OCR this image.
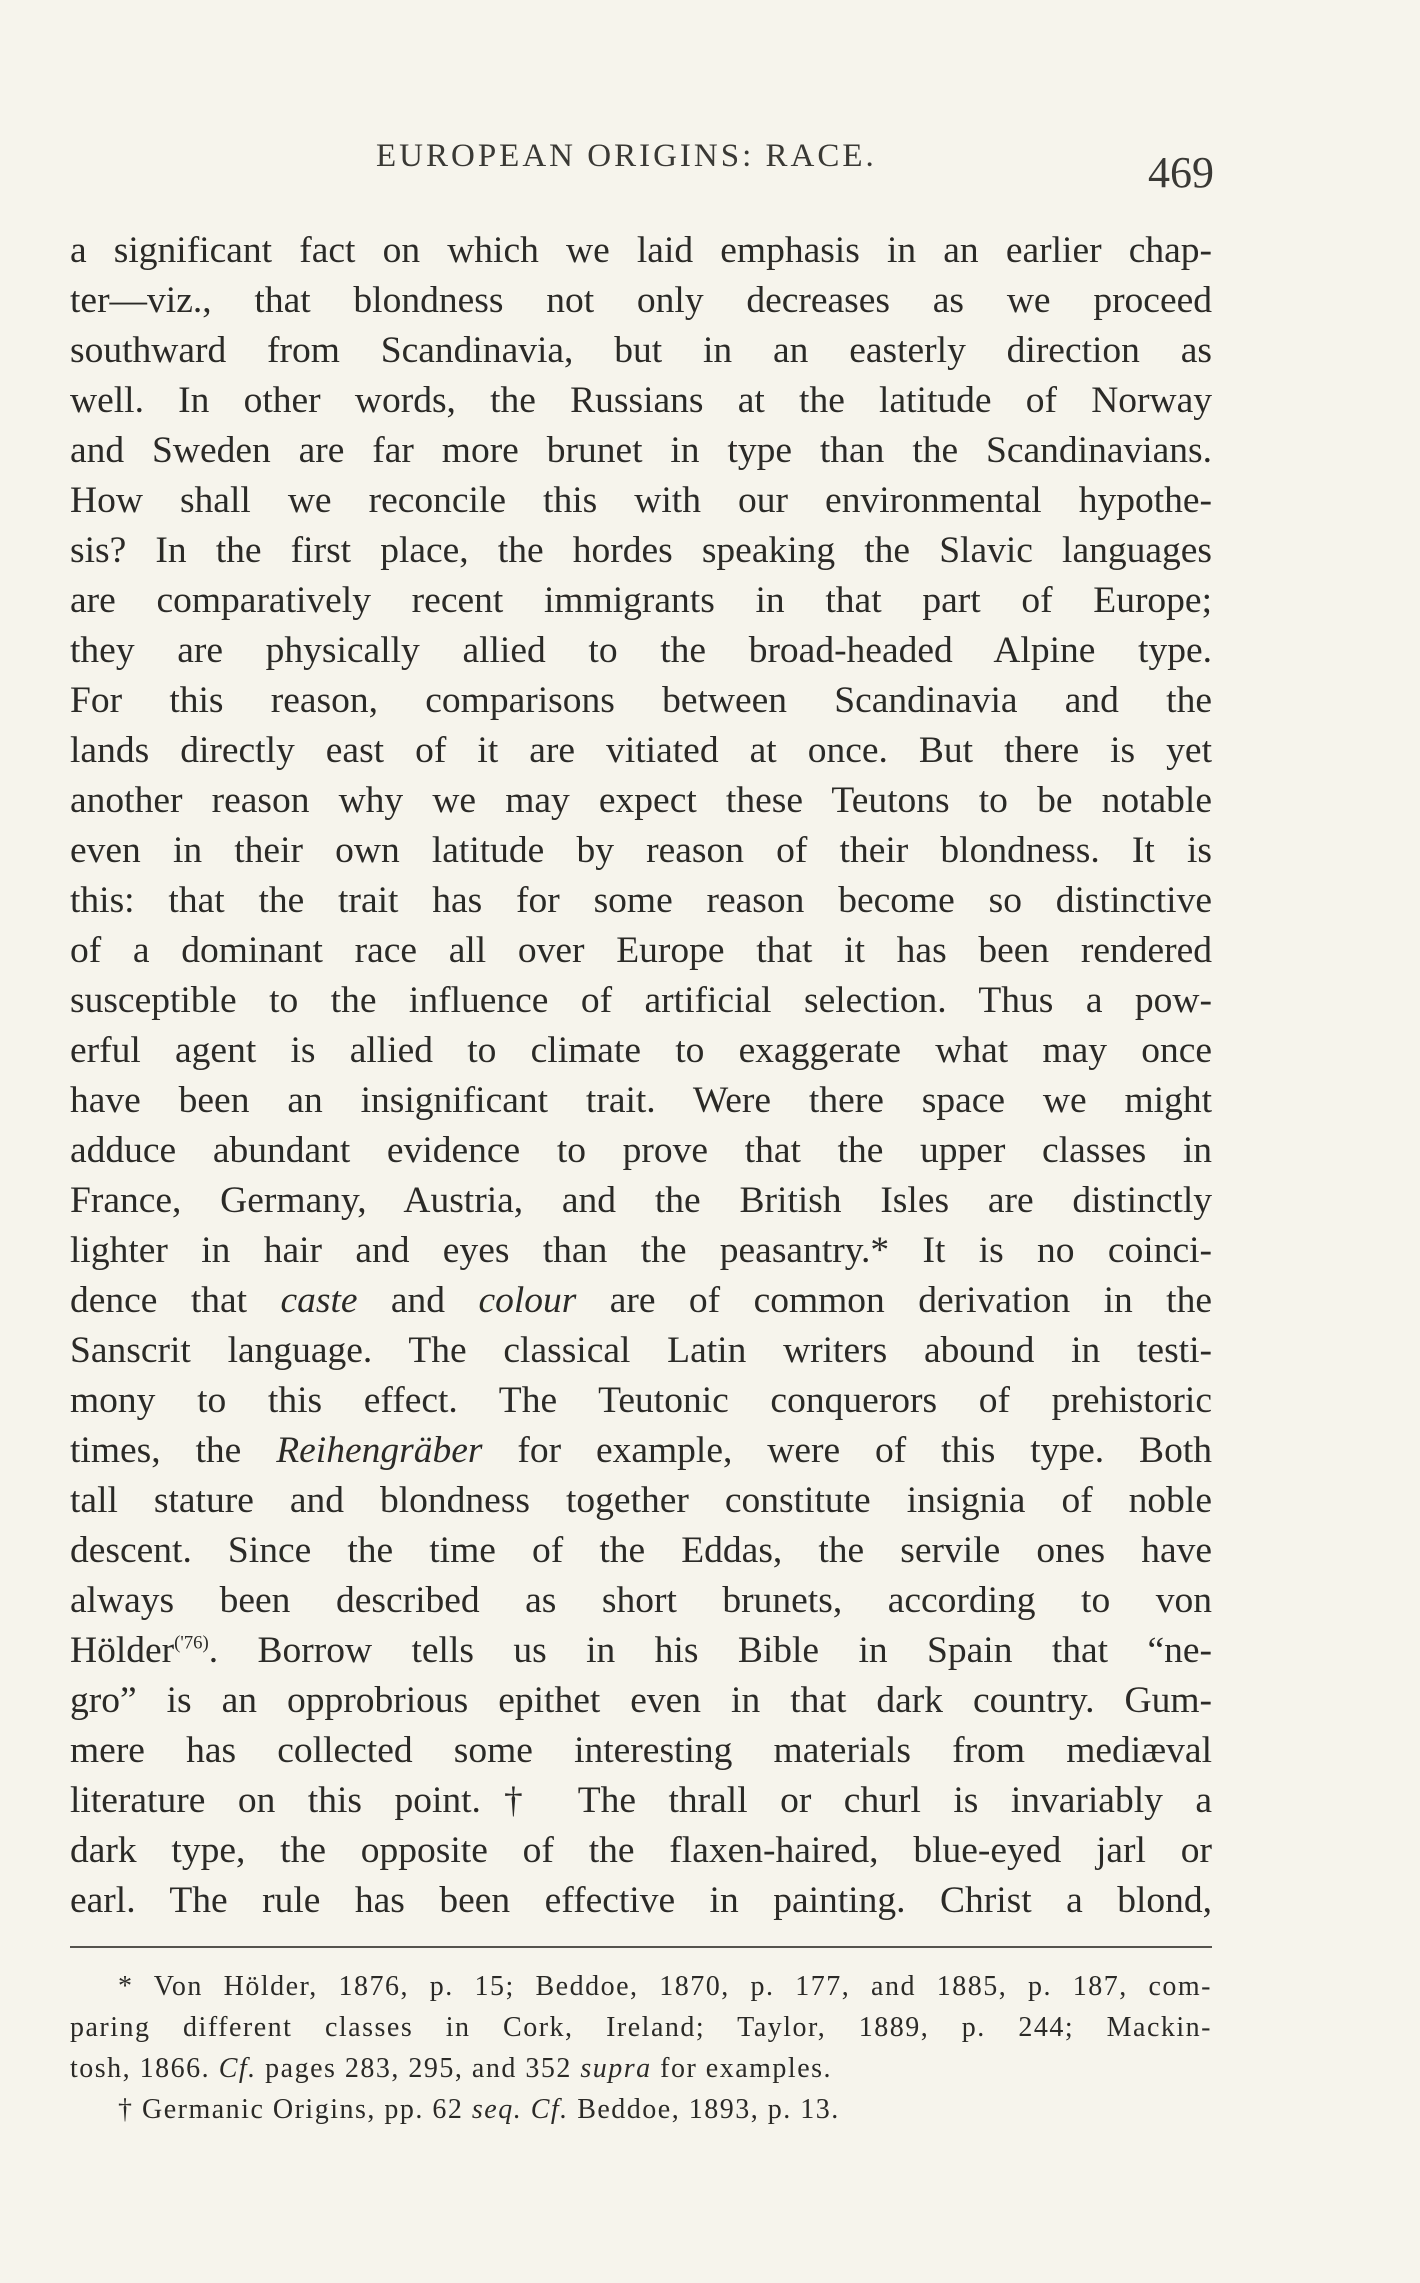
EUROPEAN ORIGINS: RACE.	469
a significant fact on which we laid emphasis in an earlier chap-
ter—viz., that blondness not only decreases as we proceed
southward from Scandinavia, but in an easterly direction as
well. In other words, the Russians at the latitude of Norway
and Sweden are far more brunet in type than the Scandinavians.
How shall we reconcile this with our environmental hypothe-
sis? In the first place, the hordes speaking the Slavic languages
are comparatively recent immigrants in that part of Europe;
they are physically allied to the broad-headed Alpine type.
For this reason, comparisons between Scandinavia and the
lands directly east of it are vitiated at once. But there is yet
another reason why we may expect these Teutons to be notable
even in their own latitude by reason of their blondness. It is
this: that the trait has for some reason become so distinctive
of a dominant race all over Europe that it has been rendered
susceptible to the influence of artificial selection. Thus a pow-
erful agent is allied to climate to exaggerate what may once
have been an insignificant trait. Were there space we might
adduce abundant evidence to prove that the upper classes in
France, Germany, Austria, and the British Isles are distinctly
lighter in hair and eyes than the peasantry.* It is no coinci-
dence that caste and colour are of common derivation in the
Sanscrit language. The classical Latin writers abound in testi-
mony to this effect. The Teutonic conquerors of prehistoric
times, the Reihengräber for example, were of this type. Both
tall stature and blondness together constitute insignia of noble
descent. Since the time of the Eddas, the servile ones have
always been described as short brunets, according to von
Hölder$^{('76)}$. Borrow tells us in his Bible in Spain that “ne-
gro” is an opprobrious epithet even in that dark country. Gum-
mere has collected some interesting materials from mediæval
literature on this point.† The thrall or churl is invariably a
dark type, the opposite of the flaxen-haired, blue-eyed jarl or
earl. The rule has been effective in painting. Christ a blond,
* Von Hölder, 1876, p. 15; Beddoe, 1870, p. 177, and 1885, p. 187, com-
paring different classes in Cork, Ireland; Taylor, 1889, p. 244; Mackin-
tosh, 1866. Cf. pages 283, 295, and 352 supra for examples.
† Germanic Origins, pp. 62 seq. Cf. Beddoe, 1893, p. 13.
